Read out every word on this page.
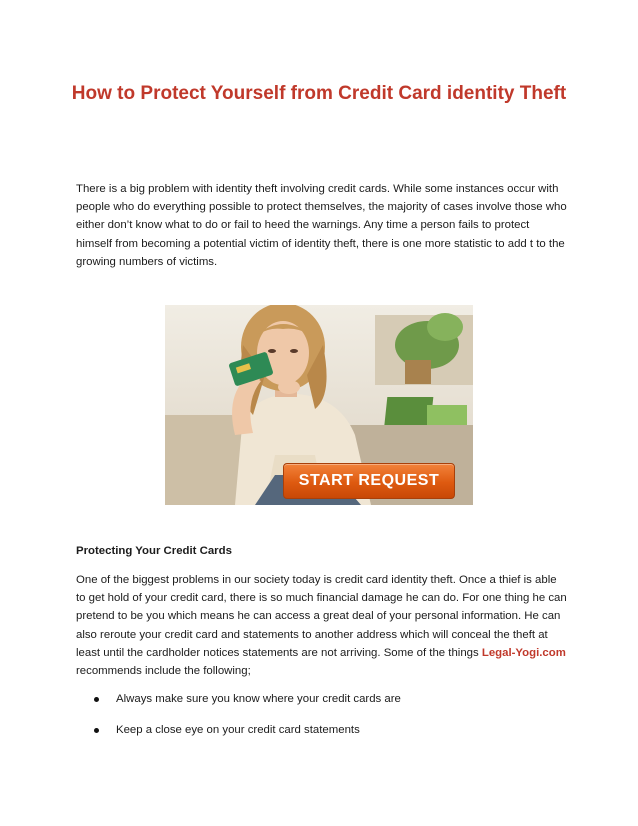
How to Protect Yourself from Credit Card identity Theft

There is a big problem with identity theft involving credit cards. While some instances occur with people who do everything possible to protect themselves, the majority of cases involve those who either don’t know what to do or fail to heed the warnings. Any time a person fails to protect himself from becoming a potential victim of identity theft, there is one more statistic to add t to the growing numbers of victims.

START REQUEST

Protecting Your Credit Cards

One of the biggest problems in our society today is credit card identity theft. Once a thief is able to get hold of your credit card, there is so much financial damage he can do. For one thing he can pretend to be you which means he can access a great deal of your personal information. He can also reroute your credit card and statements to another address which will conceal the theft at least until the cardholder notices statements are not arriving. Some of the things Legal-Yogi.com recommends include the following;

Always make sure you know where your credit cards are
Keep a close eye on your credit card statements
